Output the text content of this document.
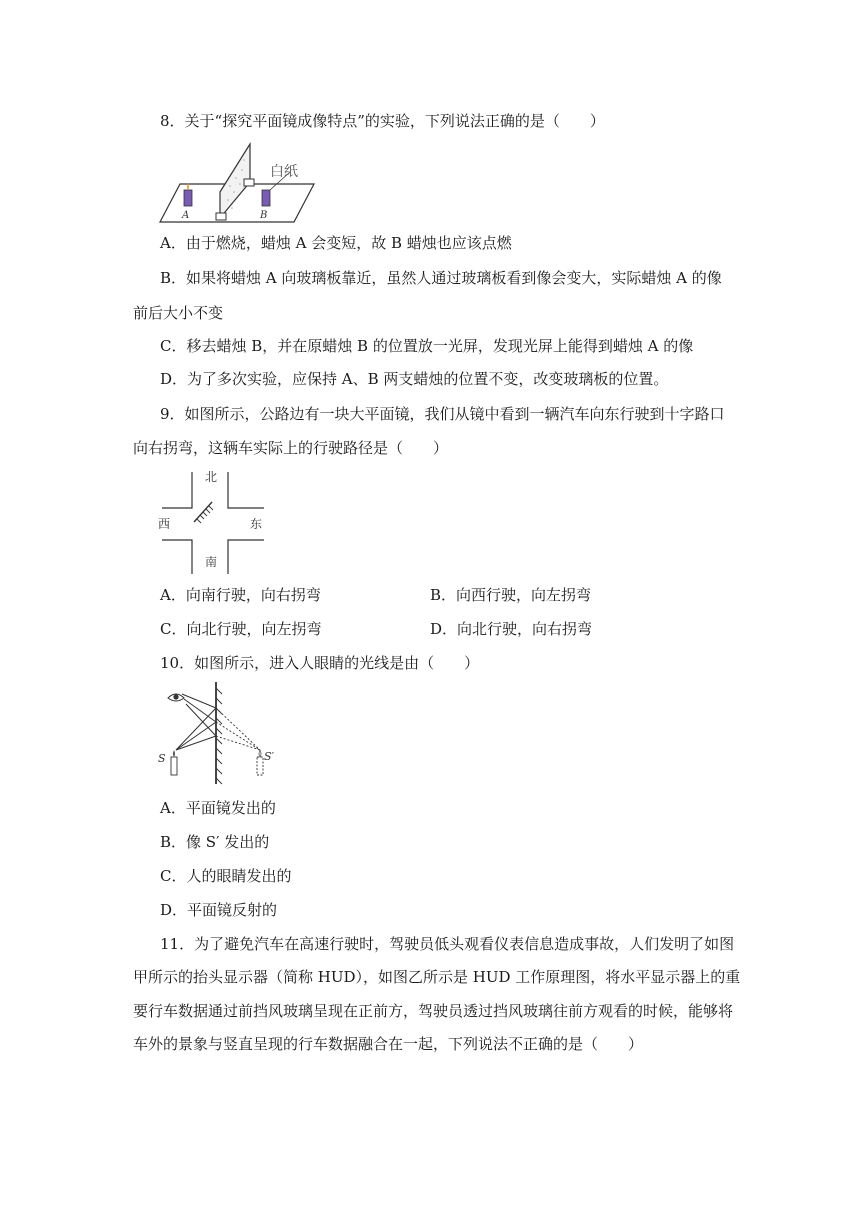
8．关于“探究平面镜成像特点”的实验，下列说法正确的是（　　）
白纸
A	B
A．由于燃烧，蜡烛 A 会变短，故 B 蜡烛也应该点燃
B．如果将蜡烛 A 向玻璃板靠近，虽然人通过玻璃板看到像会变大，实际蜡烛 A 的像
前后大小不变
C．移去蜡烛 B，并在原蜡烛 B 的位置放一光屏，发现光屏上能得到蜡烛 A 的像
D．为了多次实验，应保持 A、B 两支蜡烛的位置不变，改变玻璃板的位置。
9．如图所示，公路边有一块大平面镜，我们从镜中看到一辆汽车向东行驶到十字路口
向右拐弯，这辆车实际上的行驶路径是（　　）
北
南
西	东
A．向南行驶，向右拐弯	B．向西行驶，向左拐弯
C．向北行驶，向左拐弯	D．向北行驶，向右拐弯
10．如图所示，进入人眼睛的光线是由（　　）
S	S′
A．平面镜发出的
B．像 S′ 发出的
C．人的眼睛发出的
D．平面镜反射的
11．为了避免汽车在高速行驶时，驾驶员低头观看仪表信息造成事故，人们发明了如图
甲所示的抬头显示器（简称 HUD），如图乙所示是 HUD 工作原理图，将水平显示器上的重
要行车数据通过前挡风玻璃呈现在正前方，驾驶员透过挡风玻璃往前方观看的时候，能够将
车外的景象与竖直呈现的行车数据融合在一起，下列说法不正确的是（　　）
